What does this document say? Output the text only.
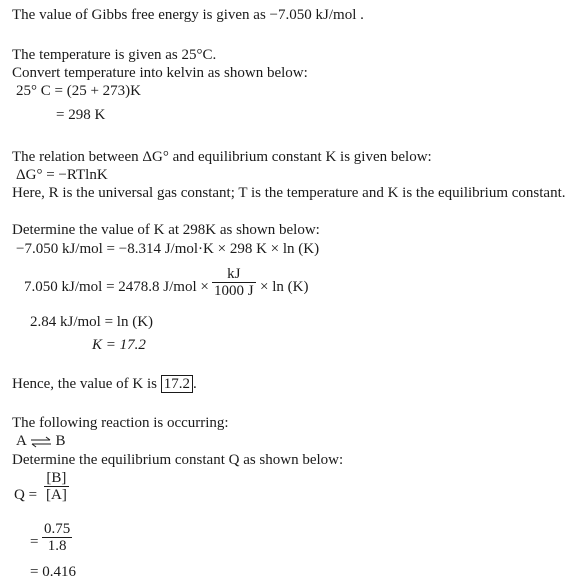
The value of Gibbs free energy is given as −7.050 kJ/mol .
The temperature is given as 25°C.
Convert temperature into kelvin as shown below:
25° C = (25 + 273)K
= 298 K
The relation between ΔG° and equilibrium constant K is given below:
ΔG° = −RTlnK
Here, R is the universal gas constant; T is the temperature and K is the equilibrium constant.
Determine the value of K at 298K as shown below:
−7.050 kJ/mol = −8.314 J/mol·K × 298 K × ln (K)
7.050 kJ/mol = 2478.8 $J/mol \times \frac{kJ}{1000 J} \times \ln (K)$
2.84 kJ/mol = ln (K)
K = 17.2
Hence, the value of K is 17.2 .
The following reaction is occurring:
A ⇌ B
Determine the equilibrium constant Q as shown below:
$Q = \frac{[B]}{[A]}$
= $\frac{0.75}{1.8}$
= 0.416
